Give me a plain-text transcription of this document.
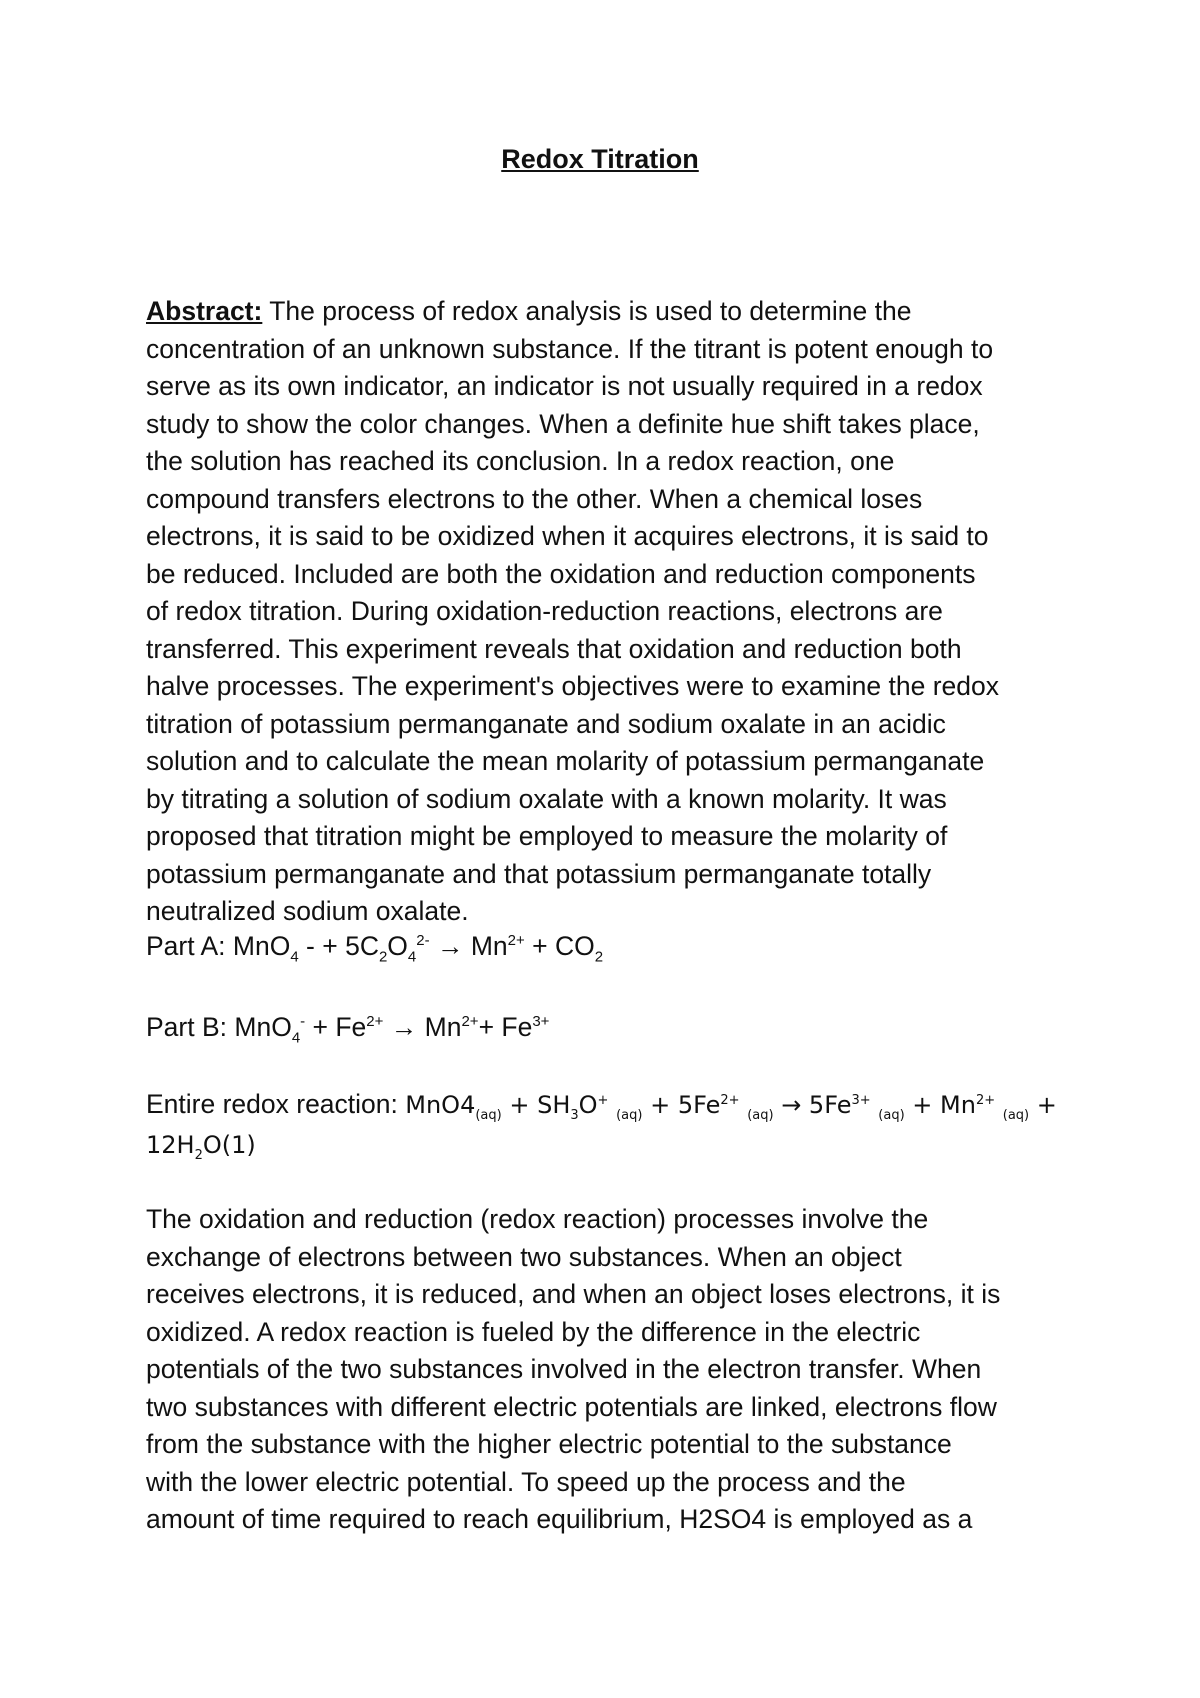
Redox Titration
Abstract: The process of redox analysis is used to determine the
concentration of an unknown substance. If the titrant is potent enough to
serve as its own indicator, an indicator is not usually required in a redox
study to show the color changes. When a definite hue shift takes place,
the solution has reached its conclusion. In a redox reaction, one
compound transfers electrons to the other. When a chemical loses
electrons, it is said to be oxidized when it acquires electrons, it is said to
be reduced. Included are both the oxidation and reduction components
of redox titration. During oxidation-reduction reactions, electrons are
transferred. This experiment reveals that oxidation and reduction both
halve processes. The experiment's objectives were to examine the redox
titration of potassium permanganate and sodium oxalate in an acidic
solution and to calculate the mean molarity of potassium permanganate
by titrating a solution of sodium oxalate with a known molarity. It was
proposed that titration might be employed to measure the molarity of
potassium permanganate and that potassium permanganate totally
neutralized sodium oxalate.
Part A: MnO$_4$ - + $5C_2O_4^{2-} \to Mn^{2+} + CO_2$
Part B: $MnO_4^- + Fe^{2+} \to Mn^{2+}+ Fe^{3+}$
Entire redox reaction: $MnO4_{(aq)} + SH_3O^+$ $_{(aq)} + 5Fe^{2+}$ $_{(aq)} \to 5Fe^{3+}$ $_{(aq)} + Mn^{2+}$ $_{(aq)}$ +
$12H_2O(1)$
The oxidation and reduction (redox reaction) processes involve the
exchange of electrons between two substances. When an object
receives electrons, it is reduced, and when an object loses electrons, it is
oxidized. A redox reaction is fueled by the difference in the electric
potentials of the two substances involved in the electron transfer. When
two substances with different electric potentials are linked, electrons flow
from the substance with the higher electric potential to the substance
with the lower electric potential. To speed up the process and the
amount of time required to reach equilibrium, H2SO4 is employed as a
